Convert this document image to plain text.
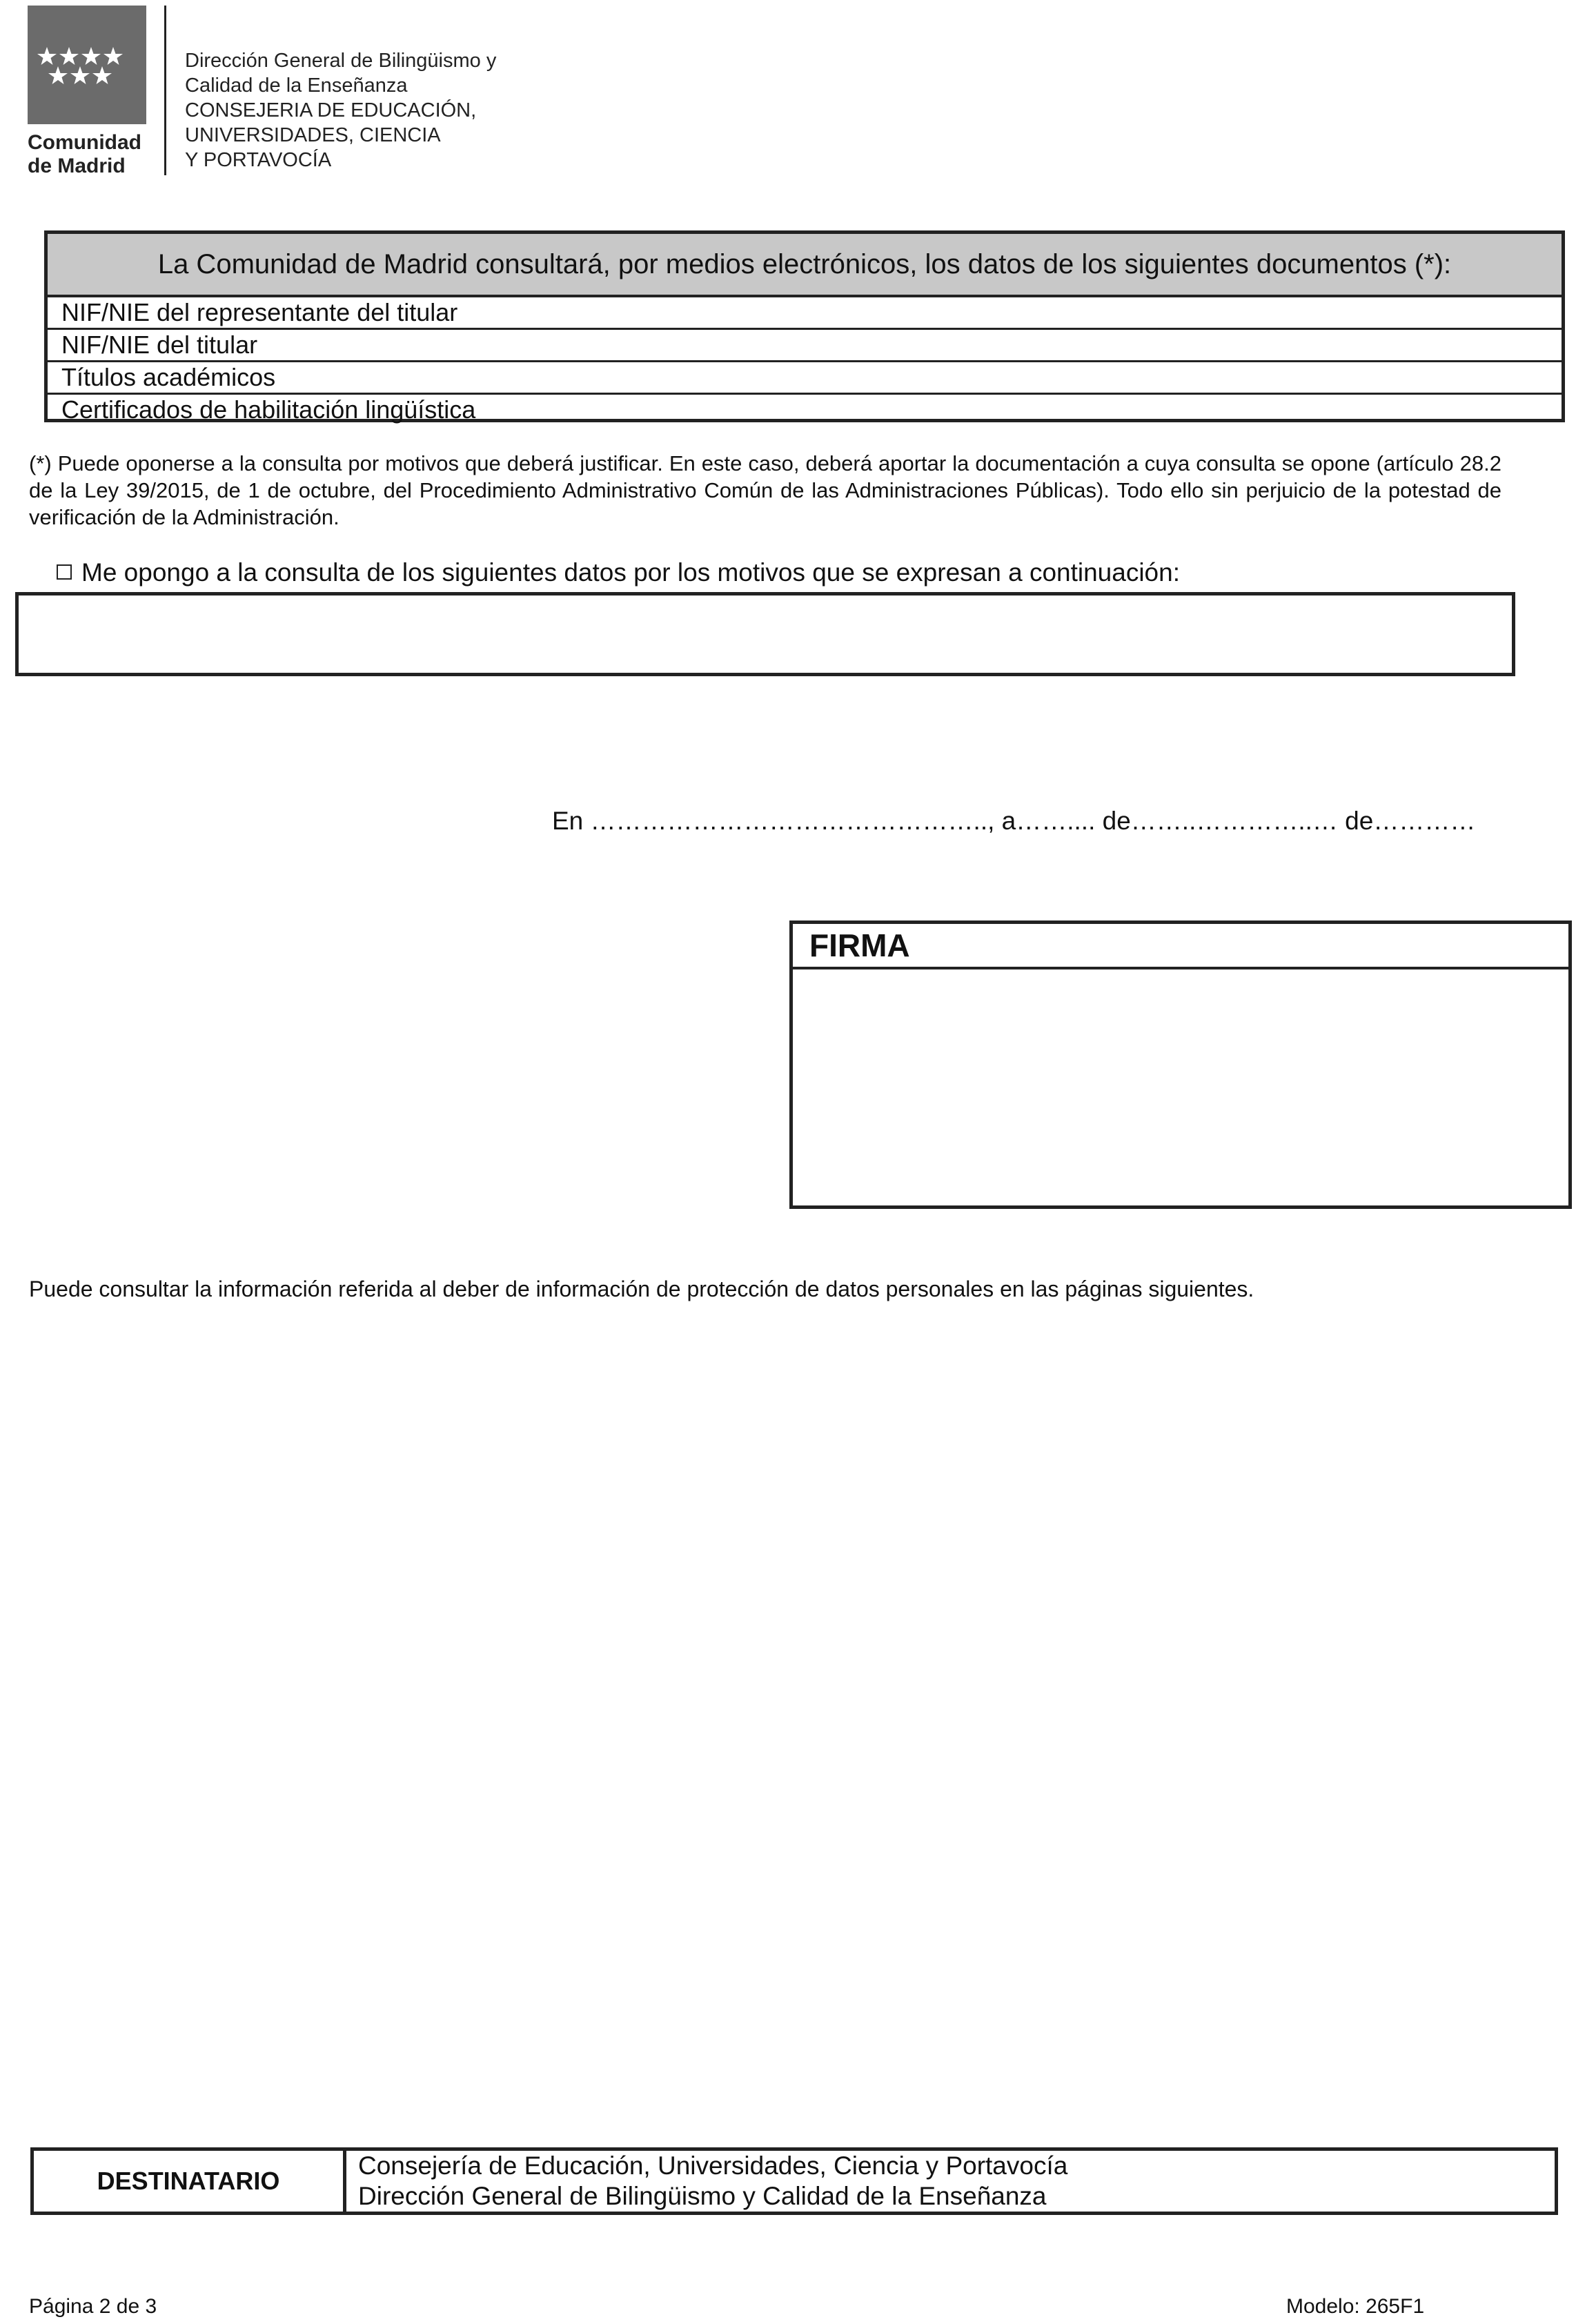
Comunidad
de Madrid
Dirección General de Bilingüismo y
Calidad de la Enseñanza
CONSEJERIA DE EDUCACIÓN,
UNIVERSIDADES, CIENCIA
Y PORTAVOCÍA
La Comunidad de Madrid consultará, por medios electrónicos, los datos de los siguientes documentos (*):
NIF/NIE del representante del titular
NIF/NIE del titular
Títulos académicos
Certificados de habilitación lingüística
(*) Puede oponerse a la consulta por motivos que deberá justificar. En este caso, deberá aportar la documentación a cuya consulta se opone (artículo 28.2 de la Ley 39/2015, de 1 de octubre, del Procedimiento Administrativo Común de las Administraciones Públicas). Todo ello sin perjuicio de la potestad de verificación de la Administración.
Me opongo a la consulta de los siguientes datos por los motivos que se expresan a continuación:
En ……………………………………….., a…….... de……..…………..… de…………
FIRMA
Puede consultar la información referida al deber de información de protección de datos personales en las páginas siguientes.
DESTINATARIO
Consejería de Educación, Universidades, Ciencia y Portavocía
Dirección General de Bilingüismo y Calidad de la Enseñanza
Página 2 de 3	Modelo: 265F1
